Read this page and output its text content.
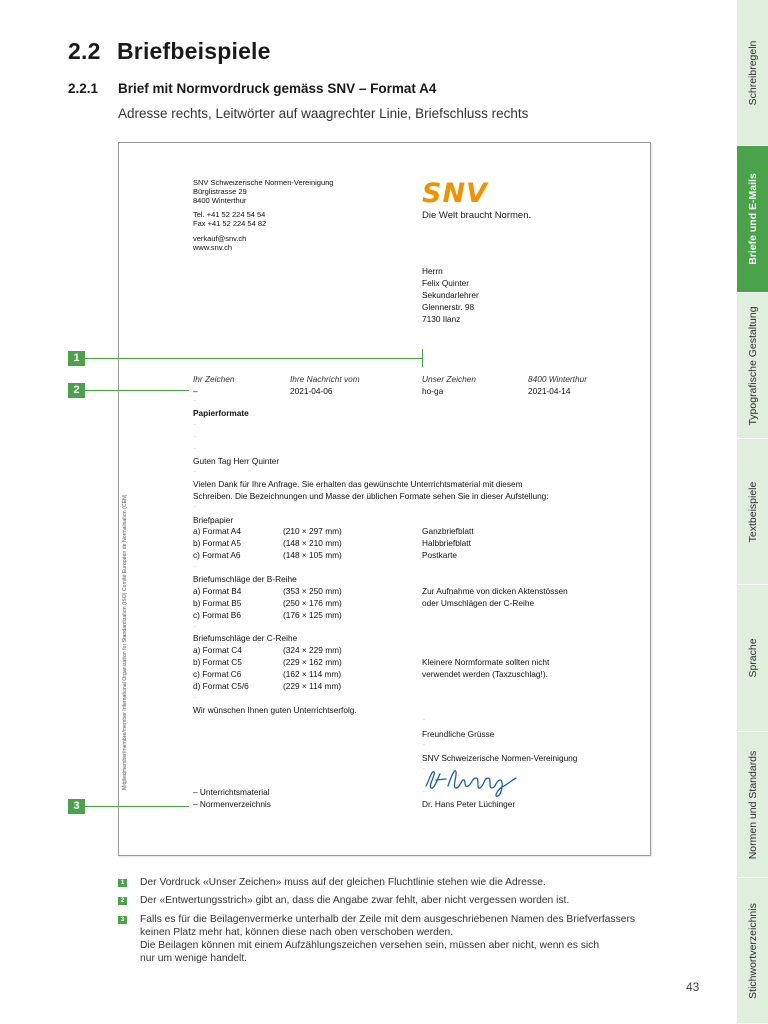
2.2 Briefbeispiele
2.2.1 Brief mit Normvordruck gemäss SNV – Format A4
Adresse rechts, Leitwörter auf waagrechter Linie, Briefschluss rechts
SNV Schweizerische Normen-Vereinigung
Bürglistrasse 29
8400 Winterthur
Tel. +41 52 224 54 54
Fax +41 52 224 54 82
verkauf@snv.ch
www.snv.ch
SNV
Die Welt braucht Normen.
Herrn
Felix Quinter
Sekundarlehrer
Glennerstr. 98
7130 Ilanz
Ihr Zeichen	Ihre Nachricht vom	Unser Zeichen	8400 Winterthur
–	2021-04-06	ho-ga	2021-04-14
·
Papierformate
·
·
·
Guten Tag Herr Quinter
·
Vielen Dank für Ihre Anfrage. Sie erhalten das gewünschte Unterrichtsmaterial mit diesem
Schreiben. Die Bezeichnungen und Masse der üblichen Formate sehen Sie in dieser Aufstellung:
·
Briefpapier
a) Format A4	(210 × 297 mm)	Ganzbriefblatt
b) Format A5	(148 × 210 mm)	Halbbriefblatt
c) Format A6	(148 × 105 mm)	Postkarte
·
Briefumschläge der B-Reihe
a) Format B4	(353 × 250 mm)	Zur Aufnahme von dicken Aktenstössen
b) Format B5	(250 × 176 mm)	oder Umschlägen der C-Reihe
c) Format B6	(176 × 125 mm)
·
Briefumschläge der C-Reihe
a) Format C4	(324 × 229 mm)
b) Format C5	(229 × 162 mm)	Kleinere Normformate sollten nicht
c) Format C6	(162 × 114 mm)	verwendet werden (Taxzuschlag!).
d) Format C5/6	(229 × 114 mm)
·
Wir wünschen Ihnen guten Unterrichtserfolg.
·
Freundliche Grüsse
·
SNV Schweizerische Normen-Vereinigung
·
·
– Unterrichtsmaterial
– Normenverzeichnis	Dr. Hans Peter Lüchinger
Mitgliedmember/membre/member International Organization for Standardization (ISO) Comité Européen de Normalisation (CEN)
1
2
3
1 Der Vordruck «Unser Zeichen» muss auf der gleichen Fluchtlinie stehen wie die Adresse.
2 Der «Entwertungsstrich» gibt an, dass die Angabe zwar fehlt, aber nicht vergessen worden ist.
3 Falls es für die Beilagenvermerke unterhalb der Zeile mit dem ausgeschriebenen Namen des Briefverfassers
keinen Platz mehr hat, können diese nach oben verschoben werden.
Die Beilagen können mit einem Aufzählungszeichen versehen sein, müssen aber nicht, wenn es sich
nur um wenige handelt.
43
Schreibregeln
Briefe und E-Mails
Typografische Gestaltung
Textbeispiele
Sprache
Normen und Standards
Stichwortverzeichnis
